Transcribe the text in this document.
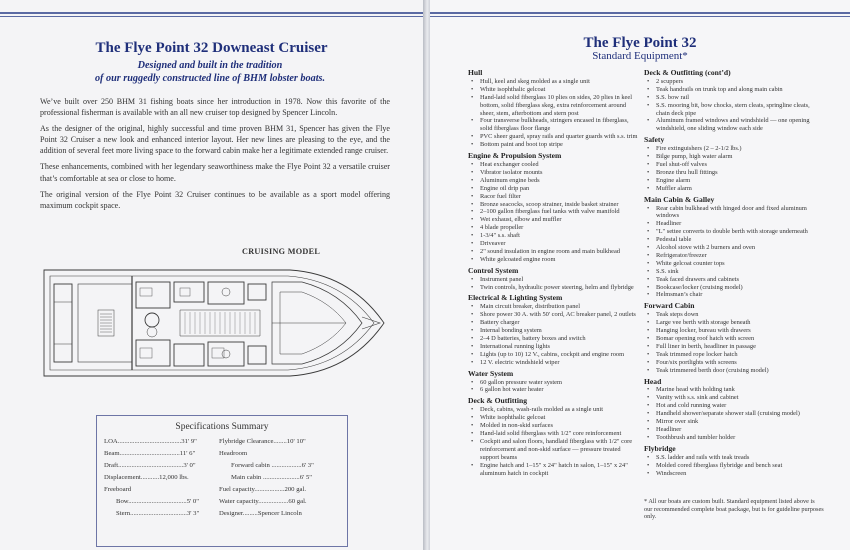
The Flye Point 32 Downeast Cruiser
Designed and built in the tradition
of our ruggedly constructed line of BHM lobster boats.

We’ve built over 250 BHM 31 fishing boats since her introduction in 1978. Now this favorite of the professional fisherman is available with an all new cruiser top designed by Spencer Lincoln.

As the designer of the original, highly successful and time proven BHM 31, Spencer has given the Flye Point 32 Cruiser a new look and enhanced interior layout. Her new lines are pleasing to the eye, and the addition of several feet more living space to the forward cabin make her a legitimate extended range cruiser.

These enhancements, combined with her legendary seaworthiness make the Flye Point 32 a versatile cruiser that’s comfortable at sea or close to home.

The original version of the Flye Point 32 Cruiser continues to be available as a sport model offering maximum cockpit space.

CRUISING MODEL
Specifications Summary
LOA......................................31' 9"
Beam....................................11' 6"
Draft.......................................3' 0"
Displacement...........12,000 lbs.
Freeboard
Bow...................................5' 0"
Stern..................................3' 3"
Flybridge Clearance........10' 10"
Headroom
Forward cabin ..................6' 3"
Main cabin ......................6' 5"
Fuel capacity..................200 gal.
Water capacity..................60 gal.
Designer.........Spencer Lincoln
The Flye Point 32
Standard Equipment*
Hull
• Hull, keel and skeg molded as a single unit
• White isophthalic gelcoat
• Hand-laid solid fiberglass 10 plies on sides, 20 plies in keel bottom, solid fiberglass skeg, extra reinforcement around sheer, stem, afterbottom and stern post
• Four transverse bulkheads, stringers encased in fiberglass, solid fiberglass floor flange
• PVC sheer guard, spray rails and quarter guards with s.s. trim
• Bottom paint and boot top stripe
Engine & Propulsion System
• Heat exchanger cooled
• Vibrator isolator mounts
• Aluminum engine beds
• Engine oil drip pan
• Racor fuel filter
• Bronze seacocks, scoop strainer, inside basket strainer
• 2–100 gallon fiberglass fuel tanks with valve manifold
• Wet exhaust, elbow and muffler
• 4 blade propeller
• 1-3/4" s.s. shaft
• Driveaver
• 2" sound insulation in engine room and main bulkhead
• White gelcoated engine room
Control System
• Instrument panel
• Twin controls, hydraulic power steering, helm and flybridge
Electrical & Lighting System
• Main circuit breaker, distribution panel
• Shore power 30 A. with 50' cord, AC breaker panel, 2 outlets
• Battery charger
• Internal bonding system
• 2–4 D batteries, battery boxes and switch
• International running lights
• Lights (up to 10) 12 V., cabins, cockpit and engine room
• 12 V. electric windshield wiper
Water System
• 60 gallon pressure water system
• 6 gallon hot water heater
Deck & Outfitting
• Deck, cabins, wash-rails molded as a single unit
• White isophthalic gelcoat
• Molded in non-skid surfaces
• Hand-laid solid fiberglass with 1/2" core reinforcement
• Cockpit and salon floors, handlaid fiberglass with 1/2" core reinforcement and non-skid surface — pressure treated support beams
• Engine hatch and 1–15" x 24" hatch in salon, 1–15" x 24" aluminum hatch in cockpit
Deck & Outfitting (cont’d)
• 2 scuppers
• Teak handrails on trunk top and along main cabin
• S.S. bow rail
• S.S. mooring bit, bow chocks, stern cleats, springline cleats, chain deck pipe
• Aluminum framed windows and windshield — one opening windshield, one sliding window each side
Safety
• Fire extinguishers (2 – 2-1/2 lbs.)
• Bilge pump, high water alarm
• Fuel shut-off valves
• Bronze thru hull fittings
• Engine alarm
• Muffler alarm
Main Cabin & Galley
• Rear cabin bulkhead with hinged door and fixed aluminum windows
• Headliner
• "L" settee converts to double berth with storage underneath
• Pedestal table
• Alcohol stove with 2 burners and oven
• Refrigerator/freezer
• White gelcoat counter tops
• S.S. sink
• Teak faced drawers and cabinets
• Bookcase/locker (cruising model)
• Helmsman’s chair
Forward Cabin
• Teak steps down
• Large vee berth with storage beneath
• Hanging locker, bureau with drawers
• Bomar opening roof hatch with screen
• Full liner in berth, headliner in passage
• Teak trimmed rope locker hatch
• Four/six portlights with screens
• Teak trimmered berth door (cruising model)
Head
• Marine head with holding tank
• Vanity with s.s. sink and cabinet
• Hot and cold running water
• Handheld shower/separate shower stall (cruising model)
• Mirror over sink
• Headliner
• Toothbrush and tumbler holder
Flybridge
• S.S. ladder and rails with teak treads
• Molded cored fiberglass flybridge and bench seat
• Windscreen
* All our boats are custom built. Standard equipment listed above is our recommended complete boat package, but is for guideline purposes only.
